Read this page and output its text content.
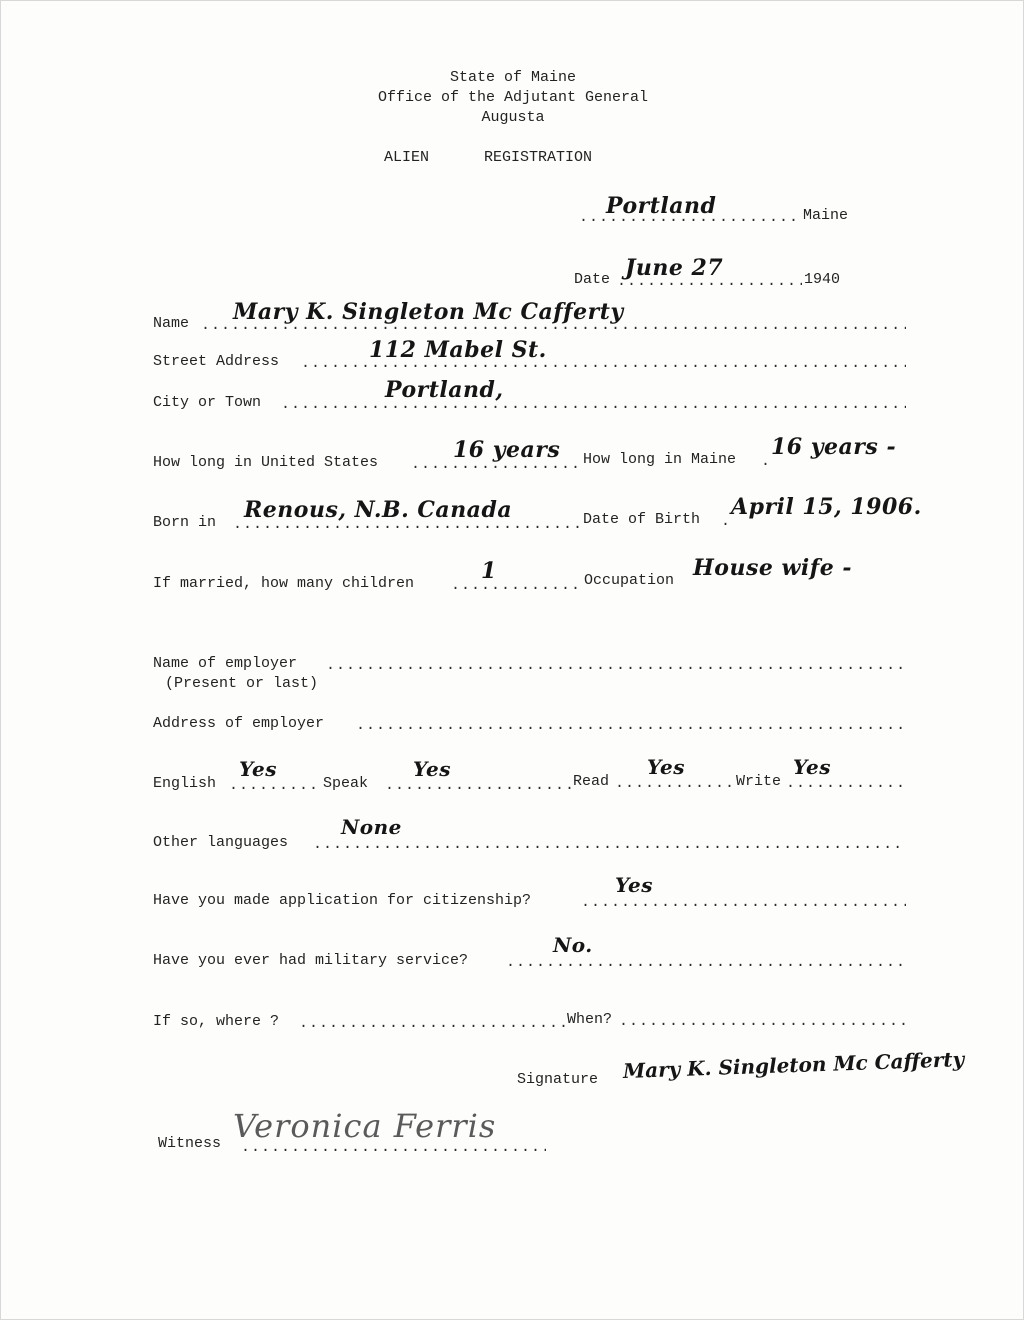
State of Maine
Office of the Adjutant General
Augusta
ALIEN	REGISTRATION
.....
Portland	Maine
Date
..... June 27	1940
Name
..... Mary K. Singleton Mc Cafferty
Street Address
.....	112 Mabel St.
City or Town
.....	Portland,
How long in United States
.....	16 years How long in Maine
..... 16 years -
Born in
..... Renous, N.B. Canada	Date of Birth
..... April 15, 1906.
If married, how many children
.....	1	Occupation House wife -
Name of employer
.....
(Present or last)
Address of employer
.....
English
.....
Yes
Speak
.....
Yes
Read
.....
Yes
Write
.....
Yes
Other languages
.....
None
Have you made application for citizenship?
.....
Yes
Have you ever had military service?
.....
No.
If so, where ?
.....	When?
.....
Signature Mary K. Singleton Mc Cafferty
Witness
..... Veronica Ferris
